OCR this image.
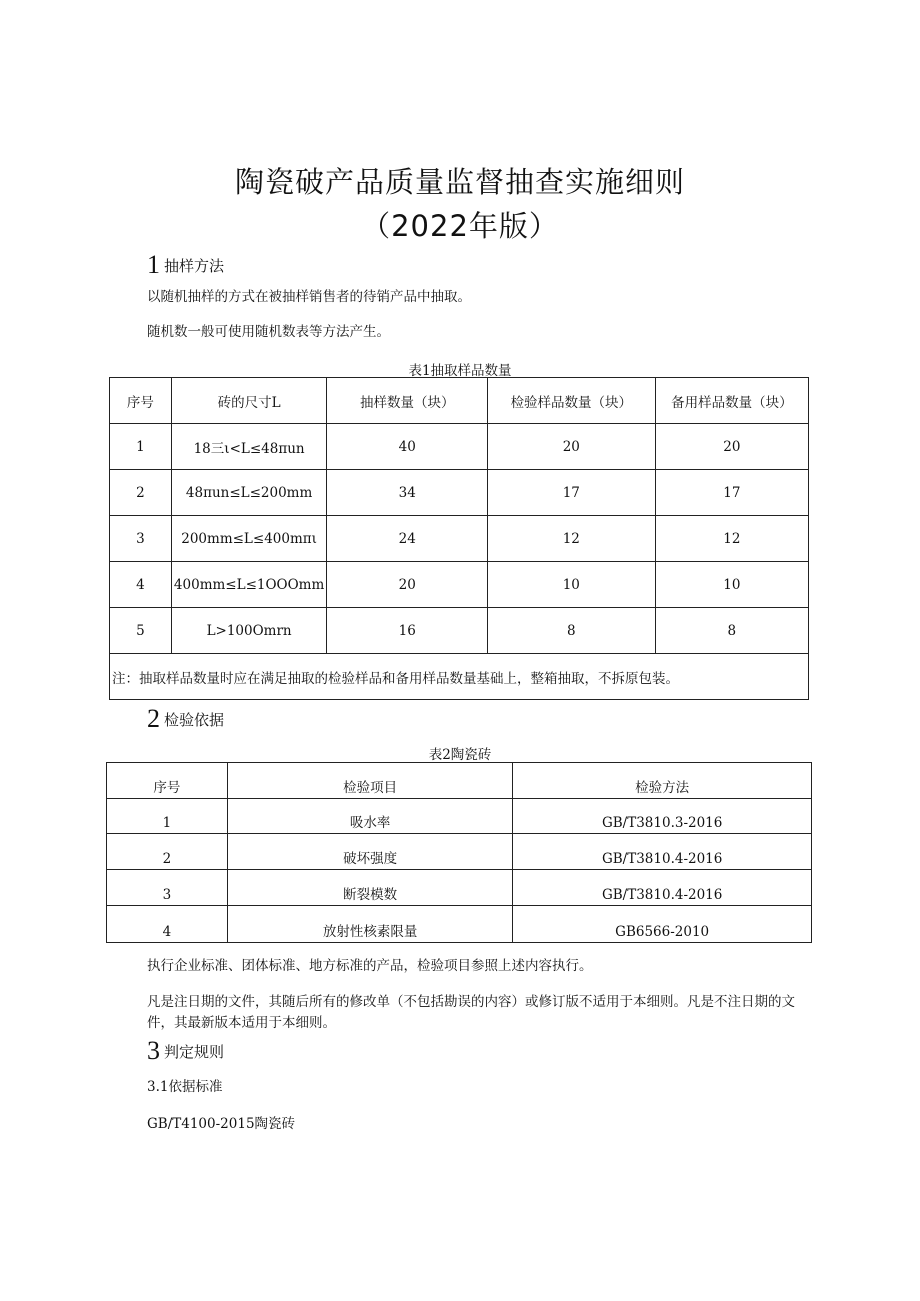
陶瓷破产品质量监督抽查实施细则
（2022年版）
1 抽样方法
以随机抽样的方式在被抽样销售者的待销产品中抽取。
随机数一般可使用随机数表等方法产生。
表1抽取样品数量
序号	砖的尺寸L	抽样数量（块）	检验样品数量（块）	备用样品数量（块）
1	18三ι<L≤48πun	40	20	20
2	48πun≤L≤200mm	34	17	17
3	200mm≤L≤400mπι	24	12	12
4	400mm≤L≤1OOOmm	20	10	10
5	L>100Omrn	16	8	8
注：抽取样品数量时应在满足抽取的检验样品和备用样品数量基础上，整箱抽取，不拆原包装。				
2 检验依据
表2陶瓷砖
序号	检验项目	检验方法
1	吸水率	GB/T3810.3-2016
2	破坏强度	GB/T3810.4-2016
3	断裂模数	GB/T3810.4-2016
4	放射性核素限量	GB6566-2010
执行企业标准、团体标准、地方标准的产品，检验项目参照上述内容执行。
凡是注日期的文件，其随后所有的修改单（不包括勘误的内容）或修订版不适用于本细则。凡是不注日期的文件，其最新版本适用于本细则。
3 判定规则
3.1依据标准
GB/T4100-2015陶瓷砖
